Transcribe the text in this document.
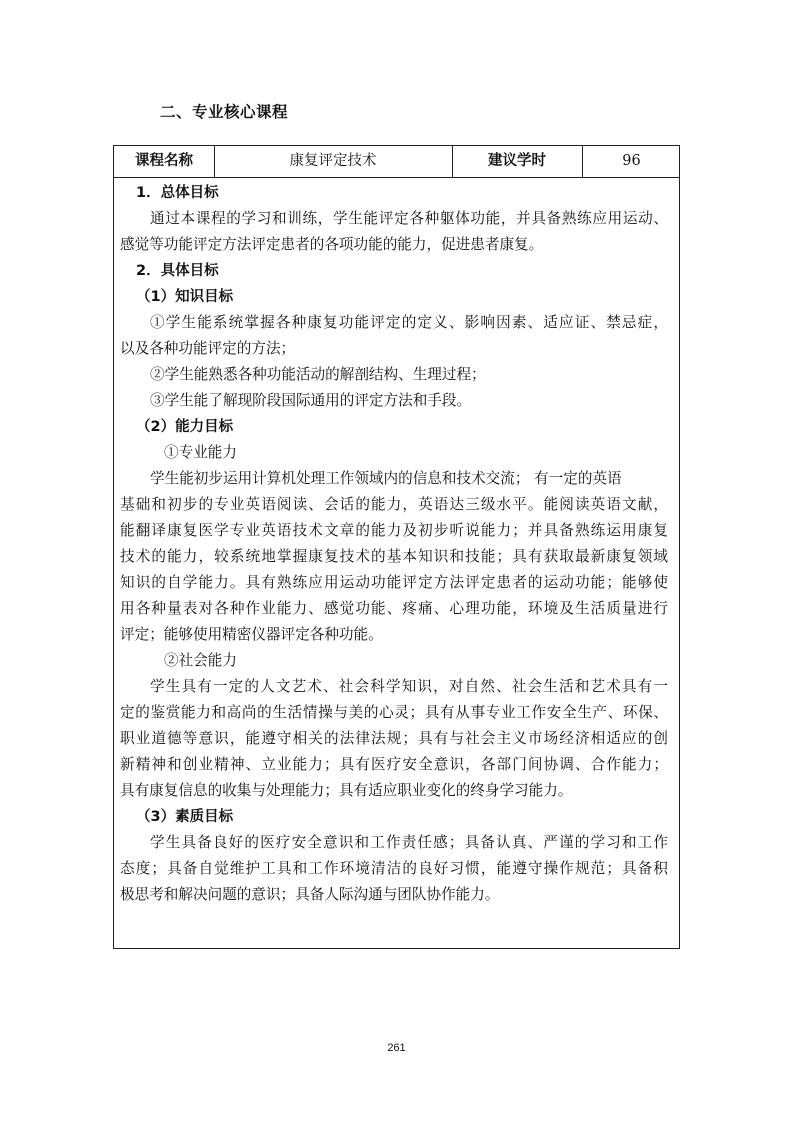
二、专业核心课程
课程名称	康复评定技术	建议学时	96
1．总体目标
通过本课程的学习和训练，学生能评定各种躯体功能，并具备熟练应用运动、
感觉等功能评定方法评定患者的各项功能的能力，促进患者康复。
2．具体目标
（1）知识目标
①学生能系统掌握各种康复功能评定的定义、影响因素、适应证、禁忌症，
以及各种功能评定的方法；
②学生能熟悉各种功能活动的解剖结构、生理过程；
③学生能了解现阶段国际通用的评定方法和手段。
（2）能力目标
①专业能力
学生能初步运用计算机处理工作领域内的信息和技术交流； 有一定的英语
基础和初步的专业英语阅读、会话的能力，英语达三级水平。能阅读英语文献，
能翻译康复医学专业英语技术文章的能力及初步听说能力；并具备熟练运用康复
技术的能力，较系统地掌握康复技术的基本知识和技能；具有获取最新康复领域
知识的自学能力。具有熟练应用运动功能评定方法评定患者的运动功能；能够使
用各种量表对各种作业能力、感觉功能、疼痛、心理功能，环境及生活质量进行
评定；能够使用精密仪器评定各种功能。
②社会能力
学生具有一定的人文艺术、社会科学知识，对自然、社会生活和艺术具有一
定的鉴赏能力和高尚的生活情操与美的心灵；具有从事专业工作安全生产、环保、
职业道德等意识，能遵守相关的法律法规；具有与社会主义市场经济相适应的创
新精神和创业精神、立业能力；具有医疗安全意识，各部门间协调、合作能力；
具有康复信息的收集与处理能力；具有适应职业变化的终身学习能力。
（3）素质目标
学生具备良好的医疗安全意识和工作责任感；具备认真、严谨的学习和工作
态度；具备自觉维护工具和工作环境清洁的良好习惯，能遵守操作规范；具备积
极思考和解决问题的意识；具备人际沟通与团队协作能力。
261
